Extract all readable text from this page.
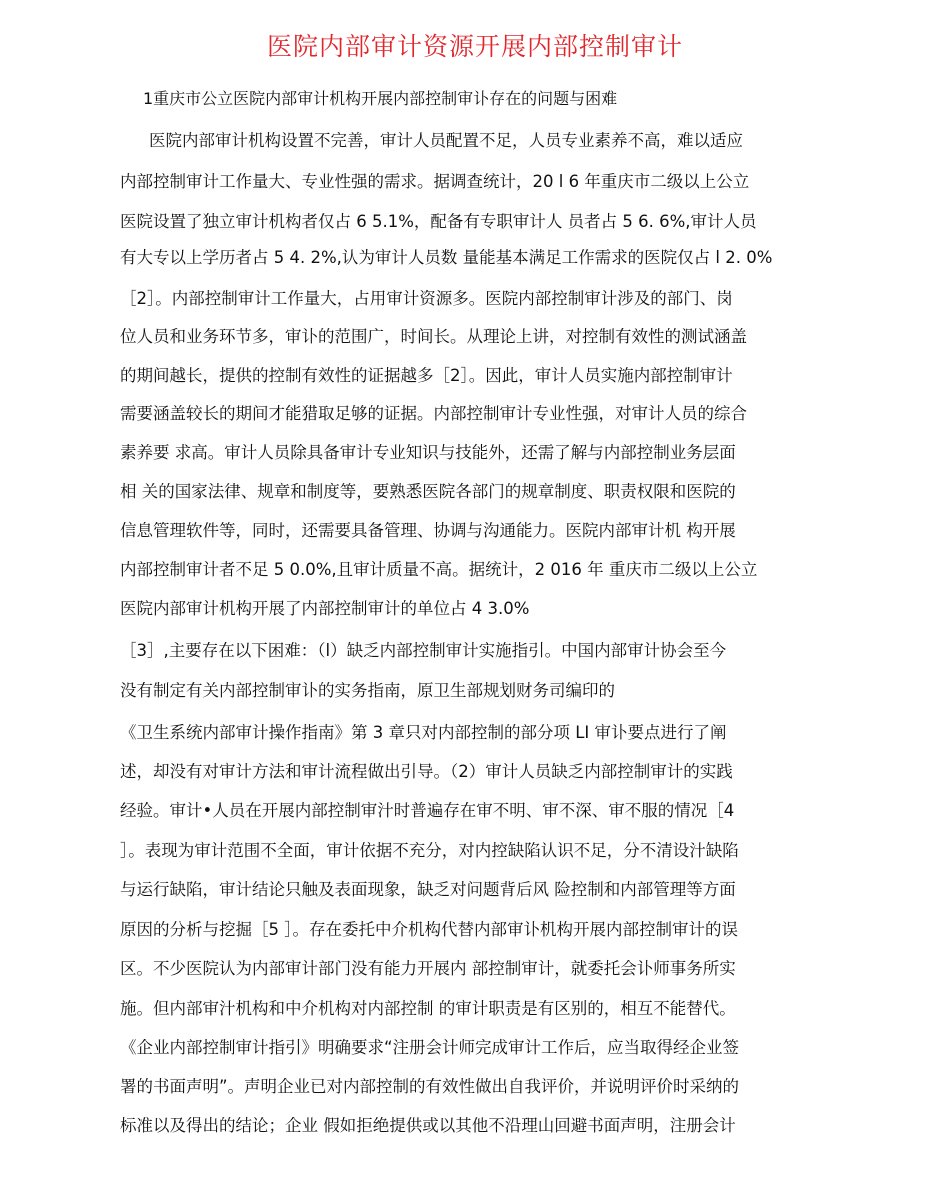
医院内部审计资源开展内部控制审计

1重庆市公立医院内部审计机构开展内部控制审讣存在的问题与困难

医院内部审计机构设置不完善，审计人员配置不足，人员专业素养不高，难以适应
内部控制审计工作量大、专业性强的需求。据调查统计，20 l 6 年重庆市二级以上公立
医院设置了独立审计机构者仅占 6 5.1%，配备有专职审计人 员者占 5 6. 6%,审计人员
有大专以上学历者占 5 4. 2%,认为审计人员数 量能基本满足工作需求的医院仅占 l 2. 0%
［2］。内部控制审计工作量大，占用审计资源多。医院内部控制审计涉及的部门、岗
位人员和业务环节多，审讣的范围广，时间长。从理论上讲，对控制有效性的测试涵盖
的期间越长，提供的控制有效性的证据越多［2］。因此，审计人员实施内部控制审计
需要涵盖较长的期间才能猎取足够的证据。内部控制审计专业性强，对审计人员的综合
素养要 求高。审计人员除具备审计专业知识与技能外，还需了解与内部控制业务层面
相 关的国家法律、规章和制度等，要熟悉医院各部门的规章制度、职责权限和医院的
信息管理软件等，同时，还需要具备管理、协调与沟通能力。医院内部审计机 构开展
内部控制审计者不足 5 0.0%,且审计质量不高。据统计，2 016 年 重庆市二级以上公立
医院内部审计机构开展了内部控制审计的单位占 4 3.0%
［3］,主要存在以下困难：（l）缺乏内部控制审计实施指引。中国内部审计协会至今
没有制定有关内部控制审讣的实务指南，原卫生部规划财务司编印的
《卫生系统内部审计操作指南》第 3 章只对内部控制的部分项 LI 审讣要点进行了阐
述，却没有对审计方法和审计流程做出引导。（2）审计人员缺乏内部控制审计的实践
经验。审计•人员在开展内部控制审汁时普遍存在审不明、审不深、审不服的情况［4
］。表现为审计范围不全面，审计依据不充分，对内控缺陷认识不足，分不清设汁缺陷
与运行缺陷，审计结论只触及表面现象，缺乏对问题背后风 险控制和内部管理等方面
原因的分析与挖掘［5 ］。存在委托中介机构代替内部审讣机构开展内部控制审计的误
区。不少医院认为内部审计部门没有能力开展内 部控制审计，就委托会讣师事务所实
施。但内部审汁机构和中介机构对内部控制 的审计职责是有区别的，相互不能替代。
《企业内部控制审计指引》明确要求“注册会计师完成审计工作后，应当取得经企业签
署的书面声明”。声明企业已对内部控制的有效性做出自我评价，并说明评价时采纳的
标准以及得出的结论；企业 假如拒绝提供或以其他不沿理山回避书面声明，注册会计
